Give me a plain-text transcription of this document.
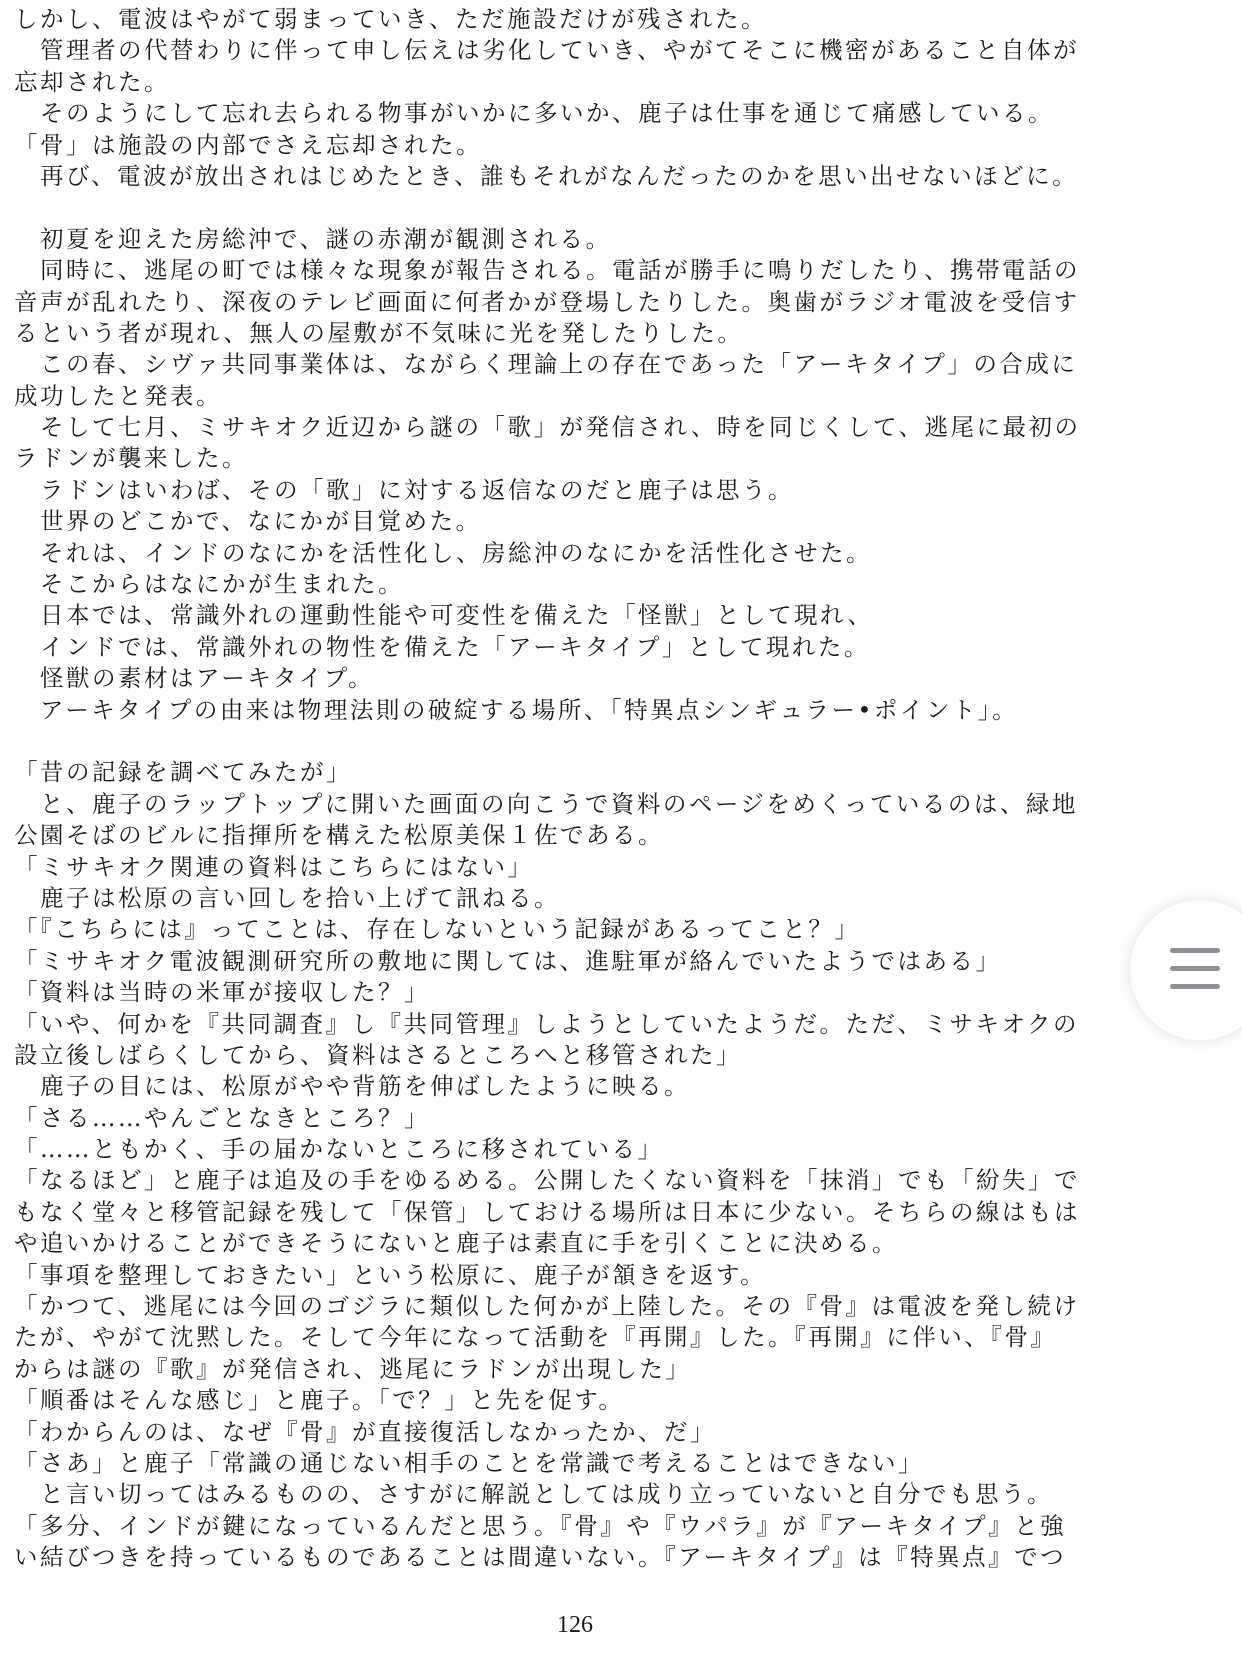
しかし、電波はやがて弱まっていき、ただ施設だけが残された。
　管理者の代替わりに伴って申し伝えは劣化していき、やがてそこに機密があること自体が
忘却された。
　そのようにして忘れ去られる物事がいかに多いか、鹿子は仕事を通じて痛感している。
「骨」は施設の内部でさえ忘却された。
　再び、電波が放出されはじめたとき、誰もそれがなんだったのかを思い出せないほどに。
　初夏を迎えた房総沖で、謎の赤潮が観測される。
　同時に、逃尾の町では様々な現象が報告される。電話が勝手に鳴りだしたり、携帯電話の
音声が乱れたり、深夜のテレビ画面に何者かが登場したりした。奥歯がラジオ電波を受信す
るという者が現れ、無人の屋敷が不気味に光を発したりした。
　この春、シヴァ共同事業体は、ながらく理論上の存在であった「アーキタイプ」の合成に
成功したと発表。
　そして七月、ミサキオク近辺から謎の「歌」が発信され、時を同じくして、逃尾に最初の
ラドンが襲来した。
　ラドンはいわば、その「歌」に対する返信なのだと鹿子は思う。
　世界のどこかで、なにかが目覚めた。
　それは、インドのなにかを活性化し、房総沖のなにかを活性化させた。
　そこからはなにかが生まれた。
　日本では、常識外れの運動性能や可変性を備えた「怪獣」として現れ、
　インドでは、常識外れの物性を備えた「アーキタイプ」として現れた。
　怪獣の素材はアーキタイプ。
　アーキタイプの由来は物理法則の破綻する場所、「特異点シンギュラー•ポイント」。
「昔の記録を調べてみたが」
　と、鹿子のラップトップに開いた画面の向こうで資料のページをめくっているのは、緑地
公園そばのビルに指揮所を構えた松原美保１佐である。
「ミサキオク関連の資料はこちらにはない」
　鹿子は松原の言い回しを拾い上げて訊ねる。
「『こちらには』ってことは、存在しないという記録があるってこと？」
「ミサキオク電波観測研究所の敷地に関しては、進駐軍が絡んでいたようではある」
「資料は当時の米軍が接収した？」
「いや、何かを『共同調査』し『共同管理』しようとしていたようだ。ただ、ミサキオクの
設立後しばらくしてから、資料はさるところへと移管された」
　鹿子の目には、松原がやや背筋を伸ばしたように映る。
「さる……やんごとなきところ？」
「……ともかく、手の届かないところに移されている」
「なるほど」と鹿子は追及の手をゆるめる。公開したくない資料を「抹消」でも「紛失」で
もなく堂々と移管記録を残して「保管」しておける場所は日本に少ない。そちらの線はもは
や追いかけることができそうにないと鹿子は素直に手を引くことに決める。
「事項を整理しておきたい」という松原に、鹿子が頷きを返す。
「かつて、逃尾には今回のゴジラに類似した何かが上陸した。その『骨』は電波を発し続け
たが、やがて沈黙した。そして今年になって活動を『再開』した。『再開』に伴い、『骨』
からは謎の『歌』が発信され、逃尾にラドンが出現した」
「順番はそんな感じ」と鹿子。「で？」と先を促す。
「わからんのは、なぜ『骨』が直接復活しなかったか、だ」
「さあ」と鹿子「常識の通じない相手のことを常識で考えることはできない」
　と言い切ってはみるものの、さすがに解説としては成り立っていないと自分でも思う。
「多分、インドが鍵になっているんだと思う。『骨』や『ウパラ』が『アーキタイプ』と強
い結びつきを持っているものであることは間違いない。『アーキタイプ』は『特異点』でつ
126
